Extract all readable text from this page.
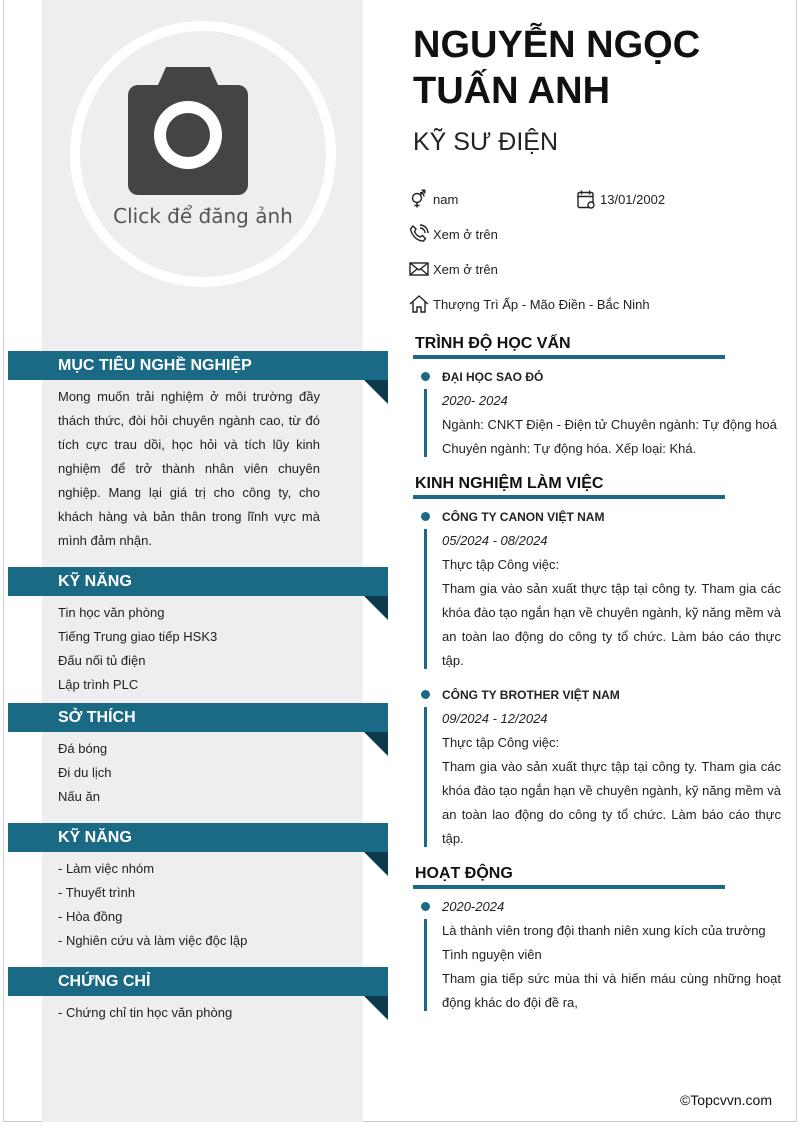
Click để đăng ảnh
MỤC TIÊU NGHỀ NGHIỆP
Mong muốn trải nghiệm ở môi trường đầy thách thức, đòi hỏi chuyên ngành cao, từ đó tích cực trau dồi, học hỏi và tích lũy kinh nghiệm để trở thành nhân viên chuyên nghiệp. Mang lại giá trị cho công ty, cho khách hàng và bản thân trong lĩnh vực mà mình đảm nhận.
KỸ NĂNG
Tin học văn phòng
Tiếng Trung giao tiếp HSK3
Đấu nối tủ điện
Lập trình PLC
SỞ THÍCH
Đá bóng
Đi du lịch
Nấu ăn
KỸ NĂNG
- Làm việc nhóm
- Thuyết trình
- Hòa đồng
- Nghiên cứu và làm việc độc lập
CHỨNG CHỈ
- Chứng chỉ tin học văn phòng
NGUYỄN NGỌC
TUẤN ANH
KỸ SƯ ĐIỆN
nam	13/01/2002
Xem ở trên
Xem ở trên
Thượng Trì Ấp - Mão Điền - Bắc Ninh
TRÌNH ĐỘ HỌC VẤN
ĐẠI HỌC SAO ĐỎ
2020- 2024
Ngành: CNKT Điện - Điện tử Chuyên ngành: Tự động hoá
Chuyên ngành: Tự động hóa. Xếp loại: Khá.
KINH NGHIỆM LÀM VIỆC
CÔNG TY CANON VIỆT NAM
05/2024 - 08/2024
Thực tập Công việc:
Tham gia vào sản xuất thực tập tại công ty. Tham gia các khóa đào tạo ngắn hạn về chuyên ngành, kỹ năng mềm và an toàn lao động do công ty tổ chức. Làm báo cáo thực tập.
CÔNG TY BROTHER VIỆT NAM
09/2024 - 12/2024
Thực tập Công việc:
Tham gia vào sản xuất thực tập tại công ty. Tham gia các khóa đào tạo ngắn hạn về chuyên ngành, kỹ năng mềm và an toàn lao động do công ty tổ chức. Làm báo cáo thực tập.
HOẠT ĐỘNG
2020-2024
Là thành viên trong đội thanh niên xung kích của trường
Tình nguyện viên
Tham gia tiếp sức mùa thi và hiến máu cùng những hoạt động khác do đội đề ra,
©Topcvvn.com
